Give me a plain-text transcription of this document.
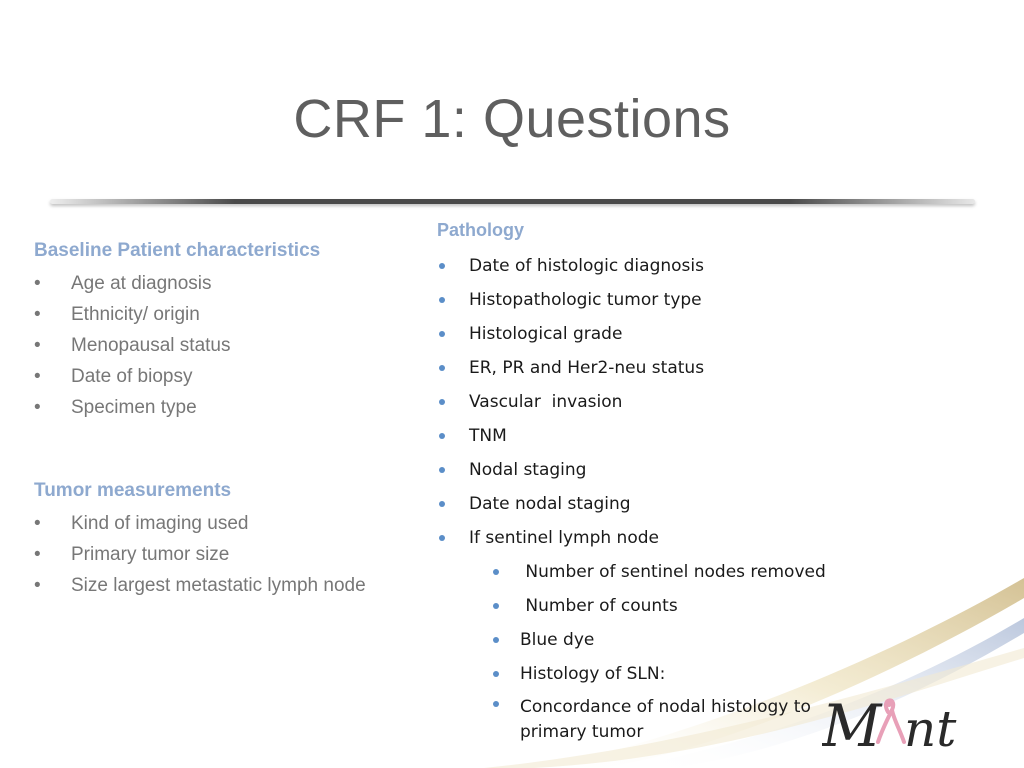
CRF 1: Questions
Baseline Patient characteristics
• Age at diagnosis
• Ethnicity/ origin
• Menopausal status
• Date of biopsy
• Specimen type
Tumor measurements
• Kind of imaging used
• Primary tumor size
• Size largest metastatic lymph node
Pathology
Date of histologic diagnosis
Histopathologic tumor type
Histological grade
ER, PR and Her2-neu status
Vascular  invasion
TNM
Nodal staging
Date nodal staging
If sentinel lymph node
Number of sentinel nodes removed
Number of counts
Blue dye
Histology of SLN:
Concordance of nodal histology to primary tumor	M nt
